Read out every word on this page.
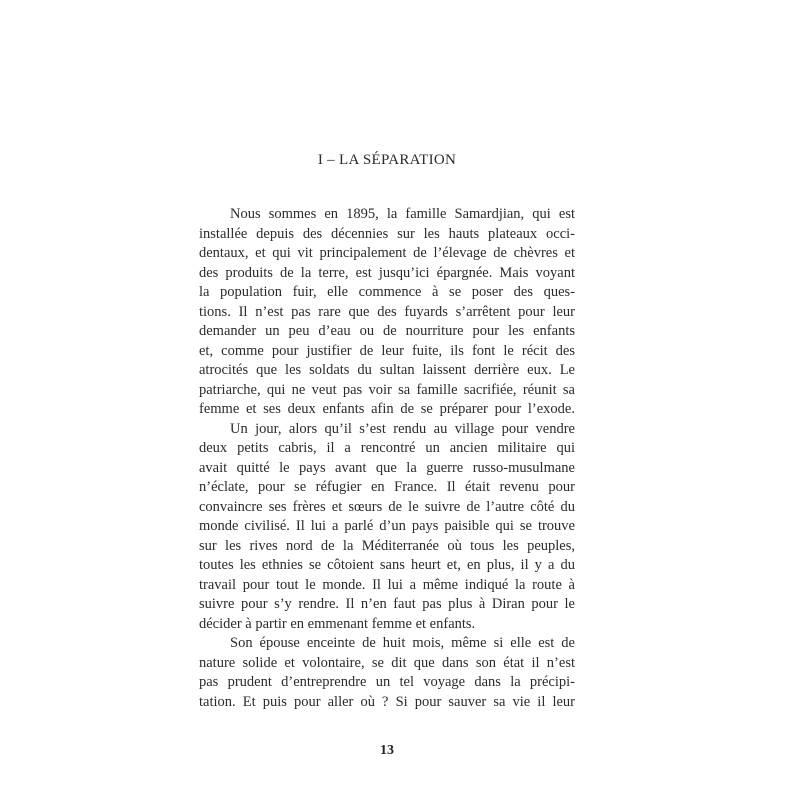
I – LA SÉPARATION
Nous sommes en 1895, la famille Samardjian, qui est
installée depuis des décennies sur les hauts plateaux occi-
dentaux, et qui vit principalement de l’élevage de chèvres et
des produits de la terre, est jusqu’ici épargnée. Mais voyant
la population fuir, elle commence à se poser des ques-
tions. Il n’est pas rare que des fuyards s’arrêtent pour leur
demander un peu d’eau ou de nourriture pour les enfants
et, comme pour justifier de leur fuite, ils font le récit des
atrocités que les soldats du sultan laissent derrière eux. Le
patriarche, qui ne veut pas voir sa famille sacrifiée, réunit sa
femme et ses deux enfants afin de se préparer pour l’exode.
Un jour, alors qu’il s’est rendu au village pour vendre
deux petits cabris, il a rencontré un ancien militaire qui
avait quitté le pays avant que la guerre russo-musulmane
n’éclate, pour se réfugier en France. Il était revenu pour
convaincre ses frères et sœurs de le suivre de l’autre côté du
monde civilisé. Il lui a parlé d’un pays paisible qui se trouve
sur les rives nord de la Méditerranée où tous les peuples,
toutes les ethnies se côtoient sans heurt et, en plus, il y a du
travail pour tout le monde. Il lui a même indiqué la route à
suivre pour s’y rendre. Il n’en faut pas plus à Diran pour le
décider à partir en emmenant femme et enfants.
Son épouse enceinte de huit mois, même si elle est de
nature solide et volontaire, se dit que dans son état il n’est
pas prudent d’entreprendre un tel voyage dans la précipi-
tation. Et puis pour aller où ? Si pour sauver sa vie il leur
13
